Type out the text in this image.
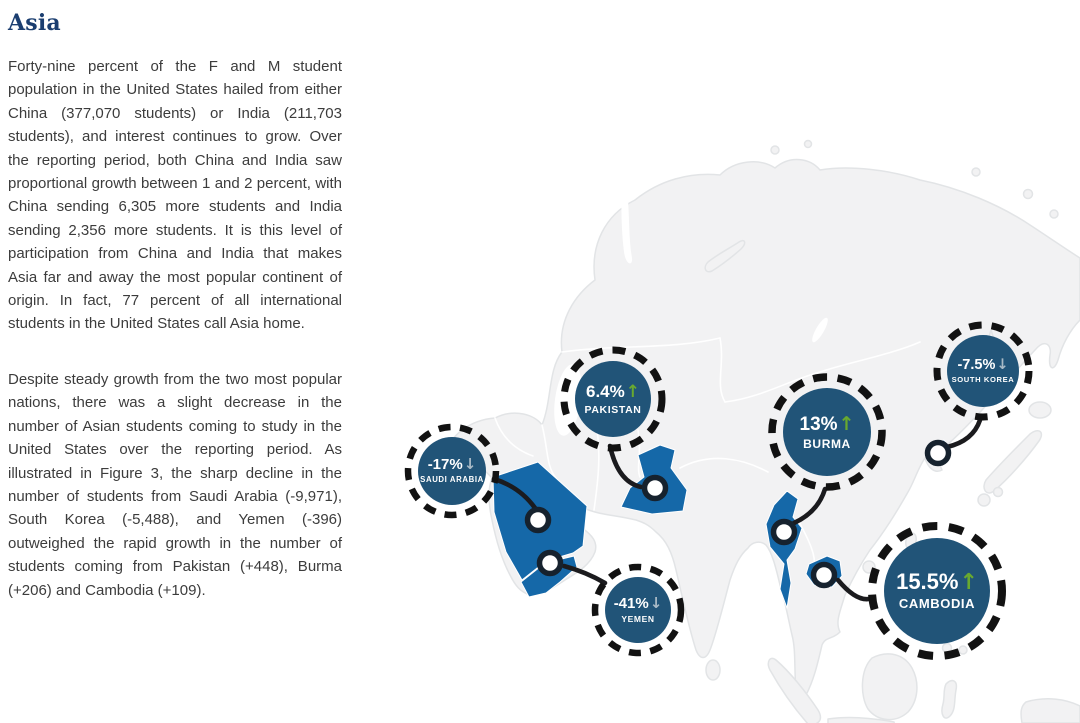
Asia

Forty-nine percent of the F and M student population in the United States hailed from either China (377,070 students) or India (211,703 students), and interest continues to grow. Over the reporting period, both China and India saw proportional growth between 1 and 2 percent, with China sending 6,305 more students and India sending 2,356 more students. It is this level of participation from China and India that makes Asia far and away the most popular continent of origin. In fact, 77 percent of all international students in the United States call Asia home.

Despite steady growth from the two most popular nations, there was a slight decrease in the number of Asian students coming to study in the United States over the reporting period. As illustrated in Figure 3, the sharp decline in the number of students from Saudi Arabia (-9,971), South Korea (-5,488), and Yemen (-396) outweighed the rapid growth in the number of students coming from Pakistan (+448), Burma (+206) and Cambodia (+109).

-17%↓
SAUDI ARABIA
6.4%↑
PAKISTAN
-41%↓
YEMEN
13%↑
BURMA
-7.5%↓
SOUTH KOREA
15.5%↑
CAMBODIA
